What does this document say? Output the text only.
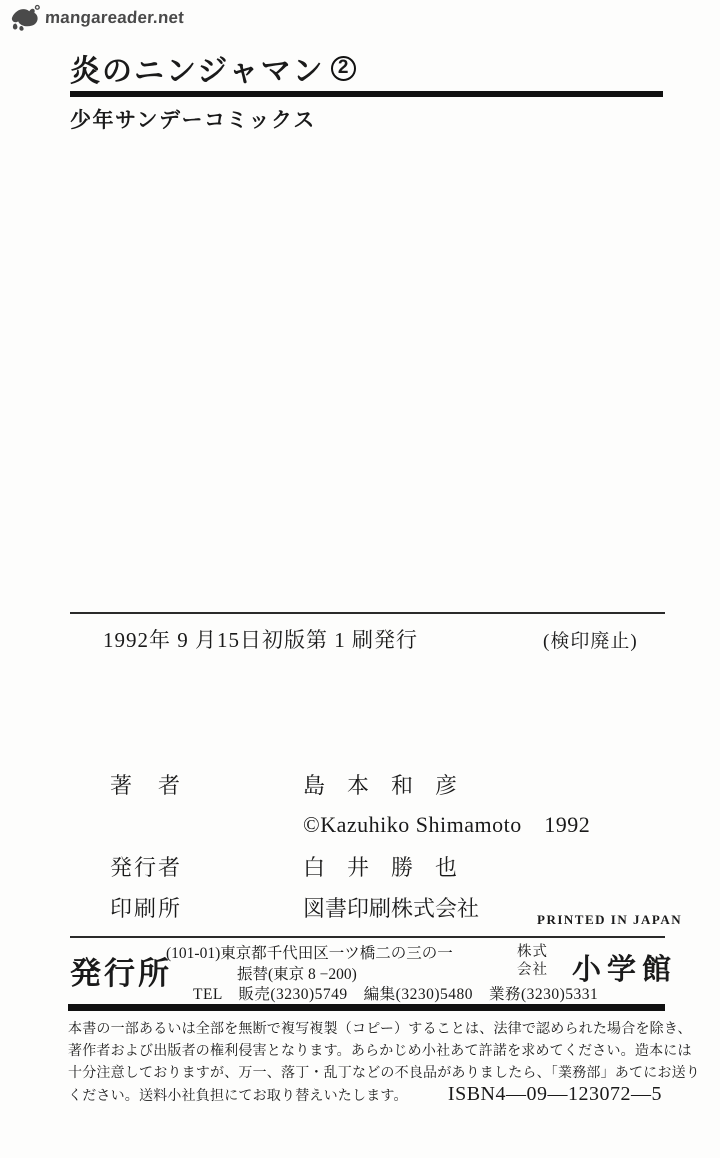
mangareader.net
炎のニンジャマン 2
少年サンデーコミックス
1992年 9 月15日初版第 1 刷発行	(検印廃止)
著　者	島　本　和　彦
©Kazuhiko Shimamoto　1992
発行者	白　井　勝　也
印刷所	図書印刷株式会社	PRINTED IN JAPAN
発行所
(101-01)東京都千代田区一ツ橋二の三の一
振替(東京 8 −200)
TEL　販売(3230)5749　編集(3230)5480　業務(3230)5331
株式
会社 小学館
本書の一部あるいは全部を無断で複写複製（コピー）することは、法律で認められた場合を除き、
著作者および出版者の権利侵害となります。あらかじめ小社あて許諾を求めてください。造本には
十分注意しておりますが、万一、落丁・乱丁などの不良品がありましたら、「業務部」あてにお送り
ください。送料小社負担にてお取り替えいたします。 ISBN4—09—123072—5
